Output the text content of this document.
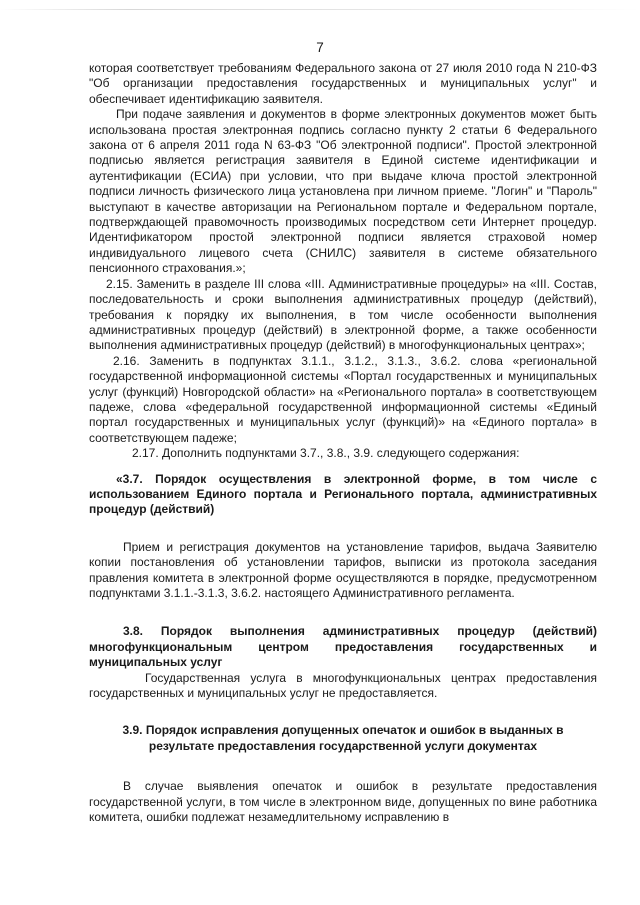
7

которая соответствует требованиям Федерального закона от 27 июля 2010 года N 210-ФЗ "Об организации предоставления государственных и муниципальных услуг" и обеспечивает идентификацию заявителя.

При подаче заявления и документов в форме электронных документов может быть использована простая электронная подпись согласно пункту 2 статьи 6 Федерального закона от 6 апреля 2011 года N 63-ФЗ "Об электронной подписи". Простой электронной подписью является регистрация заявителя в Единой системе идентификации и аутентификации (ЕСИА) при условии, что при выдаче ключа простой электронной подписи личность физического лица установлена при личном приеме. "Логин" и "Пароль" выступают в качестве авторизации на Региональном портале и Федеральном портале, подтверждающей правомочность производимых посредством сети Интернет процедур. Идентификатором простой электронной подписи является страховой номер индивидуального лицевого счета (СНИЛС) заявителя в системе обязательного пенсионного страхования.»;

2.15. Заменить в разделе III слова «III. Административные процедуры» на «III. Состав, последовательность и сроки выполнения административных процедур (действий), требования к порядку их выполнения, в том числе особенности выполнения административных процедур (действий) в электронной форме, а также особенности выполнения административных процедур (действий) в многофункциональных центрах»;

2.16. Заменить в подпунктах 3.1.1., 3.1.2., 3.1.3., 3.6.2. слова «региональной государственной информационной системы «Портал государственных и муниципальных услуг (функций) Новгородской области» на «Регионального портала» в соответствующем падеже, слова «федеральной государственной информационной системы «Единый портал государственных и муниципальных услуг (функций)» на «Единого портала» в соответствующем падеже;

2.17. Дополнить подпунктами 3.7., 3.8., 3.9. следующего содержания:

«3.7. Порядок осуществления в электронной форме, в том числе с использованием Единого портала и Регионального портала, административных процедур (действий)

Прием и регистрация документов на установление тарифов, выдача Заявителю копии постановления об установлении тарифов, выписки из протокола заседания правления комитета в электронной форме осуществляются в порядке, предусмотренном подпунктами 3.1.1.-3.1.3, 3.6.2. настоящего Административного регламента.

3.8. Порядок выполнения административных процедур (действий) многофункциональным центром предоставления государственных и муниципальных услуг

Государственная услуга в многофункциональных центрах предоставления государственных и муниципальных услуг не предоставляется.

3.9. Порядок исправления допущенных опечаток и ошибок в выданных в результате предоставления государственной услуги документах

В случае выявления опечаток и ошибок в результате предоставления государственной услуги, в том числе в электронном виде, допущенных по вине работника комитета, ошибки подлежат незамедлительному исправлению в
